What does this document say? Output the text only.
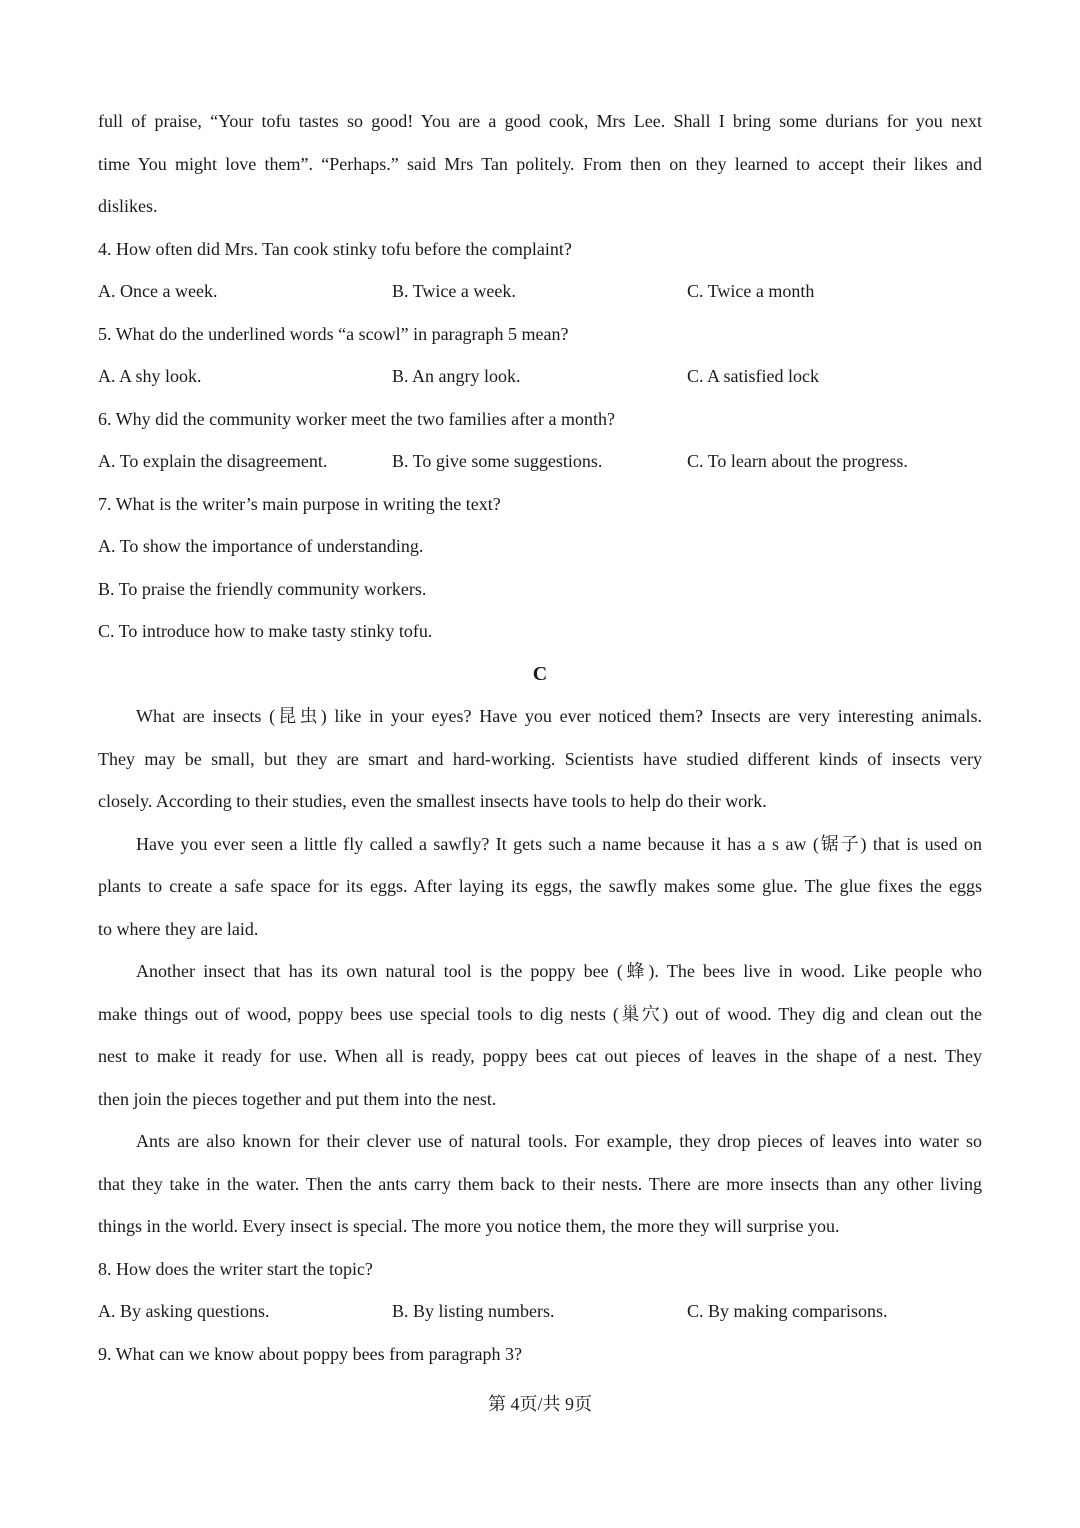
full of praise, “Your tofu tastes so good! You are a good cook, Mrs Lee. Shall I bring some durians for you next
time You might love them”. “Perhaps.” said Mrs Tan politely. From then on they learned to accept their likes and
dislikes.
4. How often did Mrs. Tan cook stinky tofu before the complaint?
A. Once a week.	B. Twice a week.	C. Twice a month
5. What do the underlined words “a scowl” in paragraph 5 mean?
A. A shy look.	B. An angry look.	C. A satisfied lock
6. Why did the community worker meet the two families after a month?
A. To explain the disagreement.	B. To give some suggestions.	C. To learn about the progress.
7. What is the writer’s main purpose in writing the text?
A. To show the importance of understanding.
B. To praise the friendly community workers.
C. To introduce how to make tasty stinky tofu.
C
What are insects (昆虫) like in your eyes? Have you ever noticed them? Insects are very interesting animals.
They may be small, but they are smart and hard-working. Scientists have studied different kinds of insects very
closely. According to their studies, even the smallest insects have tools to help do their work.
Have you ever seen a little fly called a sawfly? It gets such a name because it has a s aw (锯子) that is used on
plants to create a safe space for its eggs. After laying its eggs, the sawfly makes some glue. The glue fixes the eggs
to where they are laid.
Another insect that has its own natural tool is the poppy bee (蜂). The bees live in wood. Like people who
make things out of wood, poppy bees use special tools to dig nests (巢穴) out of wood. They dig and clean out the
nest to make it ready for use. When all is ready, poppy bees cat out pieces of leaves in the shape of a nest. They
then join the pieces together and put them into the nest.
Ants are also known for their clever use of natural tools. For example, they drop pieces of leaves into water so
that they take in the water. Then the ants carry them back to their nests. There are more insects than any other living
things in the world. Every insect is special. The more you notice them, the more they will surprise you.
8. How does the writer start the topic?
A. By asking questions.	B. By listing numbers.	C. By making comparisons.
9. What can we know about poppy bees from paragraph 3?
第 4页/共 9页
